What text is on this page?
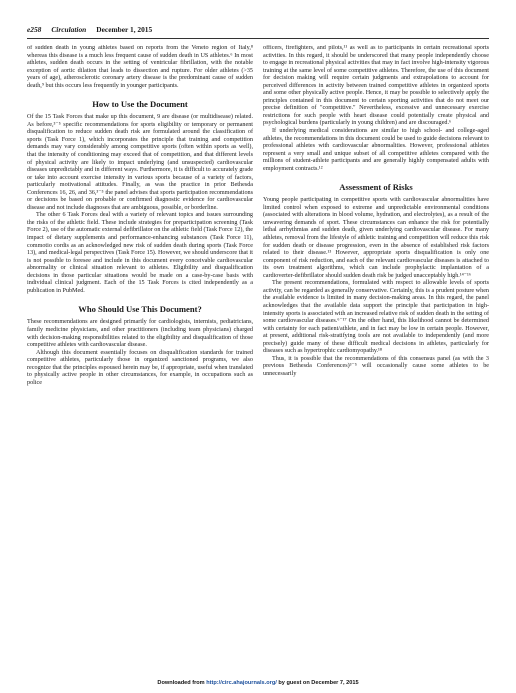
e258 Circulation December 1, 2015

of sudden death in young athletes based on reports from the Veneto region of Italy,⁸ whereas this disease is a much less frequent cause of sudden death in US athletes.⁶ In most athletes, sudden death occurs in the setting of ventricular fibrillation, with the notable exception of aortic dilation that leads to dissection and rupture. For older athletes (>35 years of age), atherosclerotic coronary artery disease is the predominant cause of sudden death,⁹ but this occurs less frequently in younger participants.

How to Use the Document

Of the 15 Task Forces that make up this document, 9 are disease (or multidisease) related. As before,³⁻⁵ specific recommendations for sports eligibility or temporary or permanent disqualification to reduce sudden death risk are formulated around the classification of sports (Task Force 1), which incorporates the principle that training and competition demands may vary considerably among competitive sports (often within sports as well), that the intensity of conditioning may exceed that of competition, and that different levels of physical activity are likely to impact underlying (and unsuspected) cardiovascular diseases unpredictably and in different ways. Furthermore, it is difficult to accurately grade or take into account exercise intensity in various sports because of a variety of factors, particularly motivational attitudes. Finally, as was the practice in prior Bethesda Conferences 16, 26, and 36,³⁻⁵ the panel advises that sports participation recommendations or decisions be based on probable or confirmed diagnostic evidence for cardiovascular disease and not include diagnoses that are ambiguous, possible, or borderline.

The other 6 Task Forces deal with a variety of relevant topics and issues surrounding the risks of the athletic field. These include strategies for preparticipation screening (Task Force 2), use of the automatic external defibrillator on the athletic field (Task Force 12), the impact of dietary supplements and performance-enhancing substances (Task Force 11), commotio cordis as an acknowledged new risk of sudden death during sports (Task Force 13), and medical-legal perspectives (Task Force 15). However, we should underscore that it is not possible to foresee and include in this document every conceivable cardiovascular abnormality or clinical situation relevant to athletes. Eligibility and disqualification decisions in those particular situations would be made on a case-by-case basis with individual clinical judgment. Each of the 15 Task Forces is cited independently as a publication in PubMed.

Who Should Use This Document?

These recommendations are designed primarily for cardiologists, internists, pediatricians, family medicine physicians, and other practitioners (including team physicians) charged with decision-making responsibilities related to the eligibility and disqualification of those competitive athletes with cardiovascular disease.

Although this document essentially focuses on disqualification standards for trained competitive athletes, particularly those in organized sanctioned programs, we also recognize that the principles espoused herein may be, if appropriate, useful when translated to physically active people in other circumstances, for example, in occupations such as police

officers, firefighters, and pilots,¹¹ as well as to participants in certain recreational sports activities. In this regard, it should be underscored that many people independently choose to engage in recreational physical activities that may in fact involve high-intensity vigorous training at the same level of some competitive athletes. Therefore, the use of this document for decision making will require certain judgments and extrapolations to account for perceived differences in activity between trained competitive athletes in organized sports and some other physically active people. Hence, it may be possible to selectively apply the principles contained in this document to certain sporting activities that do not meet our precise definition of "competitive." Nevertheless, excessive and unnecessary exercise restrictions for such people with heart disease could potentially create physical and psychological burdens (particularly in young children) and are discouraged.⁶

If underlying medical considerations are similar to high school- and college-aged athletes, the recommendations in this document could be used to guide decisions relevant to professional athletes with cardiovascular abnormalities. However, professional athletes represent a very small and unique subset of all competitive athletes compared with the millions of student-athlete participants and are generally highly compensated adults with employment contracts.¹²

Assessment of Risks

Young people participating in competitive sports with cardiovascular abnormalities have limited control when exposed to extreme and unpredictable environmental conditions (associated with alterations in blood volume, hydration, and electrolytes), as a result of the unwavering demands of sport. These circumstances can enhance the risk for potentially lethal arrhythmias and sudden death, given underlying cardiovascular disease. For many athletes, removal from the lifestyle of athletic training and competition will reduce this risk for sudden death or disease progression, even in the absence of established risk factors related to their disease.¹³ However, appropriate sports disqualification is only one component of risk reduction, and each of the relevant cardiovascular diseases is attached to its own treatment algorithms, which can include prophylactic implantation of a cardioverter-defibrillator should sudden death risk be judged unacceptably high.¹⁴⁻¹⁶

The present recommendations, formulated with respect to allowable levels of sports activity, can be regarded as generally conservative. Certainly, this is a prudent posture when the available evidence is limited in many decision-making areas. In this regard, the panel acknowledges that the available data support the principle that participation in high-intensity sports is associated with an increased relative risk of sudden death in the setting of some cardiovascular diseases.⁶⁻¹⁷ On the other hand, this likelihood cannot be determined with certainty for each patient/athlete, and in fact may be low in certain people. However, at present, additional risk-stratifying tools are not available to independently (and more precisely) guide many of these difficult medical decisions in athletes, particularly for diseases such as hypertrophic cardiomyopathy.¹⁸

Thus, it is possible that the recommendations of this consensus panel (as with the 3 previous Bethesda Conferences)³⁻⁵ will occasionally cause some athletes to be unnecessarily

Downloaded from http://circ.ahajournals.org/ by guest on December 7, 2015
